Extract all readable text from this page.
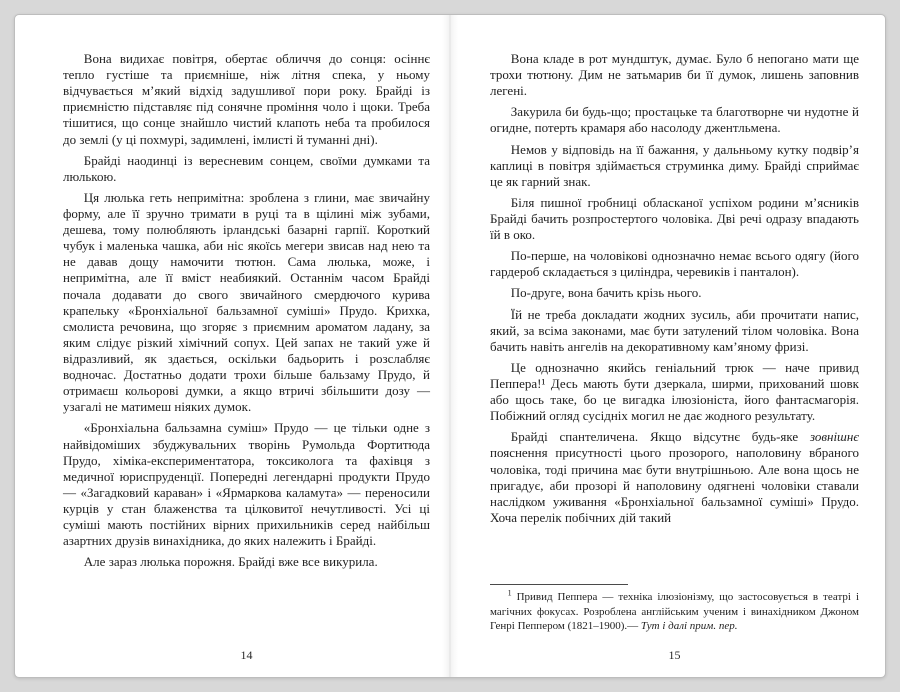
Вона видихає повітря, обертає обличчя до сонця: осіннє тепло густіше та приємніше, ніж літня спека, у ньому відчувається м’який відхід задушливої пори року. Брайді із приємністю підставляє під сонячне проміння чоло і щоки. Треба тішитися, що сонце знайшло чистий клапоть неба та пробилося до землі (у ці похмурі, задимлені, імлисті й туманні дні).

Брайді наодинці із вересневим сонцем, своїми думками та люлькою.

Ця люлька геть непримітна: зроблена з глини, має звичайну форму, але її зручно тримати в руці та в щілині між зубами, дешева, тому полюбляють ірландські базарні гарпії. Короткий чубук і маленька чашка, аби ніс якоїсь мегери звисав над нею та не давав дощу намочити тютюн. Сама люлька, може, і непримітна, але її вміст неабиякий. Останнім часом Брайді почала додавати до свого звичайного смердючого курива крапельку «Бронхіальної бальзамної суміші» Прудо. Крихка, смолиста речовина, що згоряє з приємним ароматом ладану, за яким слідує різкий хімічний сопух. Цей запах не такий уже й відразливий, як здається, оскільки бадьорить і розслабляє водночас. Достатньо додати трохи більше бальзаму Прудо, й отримаєш кольорові думки, а якщо втричі збільшити дозу — узагалі не матимеш ніяких думок.

«Бронхіальна бальзамна суміш» Прудо — це тільки одне з найвідоміших збуджувальних творінь Румольда Фортитюда Прудо, хіміка-експериментатора, токсиколога та фахівця з медичної юриспруденції. Попередні легендарні продукти Прудо — «Загадковий караван» і «Ярмаркова каламута» — переносили курців у стан блаженства та цілковитої нечутливості. Усі ці суміші мають постійних вірних прихильників серед найбільш азартних друзів винахідника, до яких належить і Брайді.

Але зараз люлька порожня. Брайді вже все викурила.

14

Вона кладе в рот мундштук, думає. Було б непогано мати ще трохи тютюну. Дим не затьмарив би її думок, лишень заповнив легені.

Закурила би будь-що; простацьке та благотворне чи нудотне й огидне, потерть крамаря або насолоду джентльмена.

Немов у відповідь на її бажання, у дальньому кутку подвір’я каплиці в повітря здіймається струминка диму. Брайді сприймає це як гарний знак.

Біля пишної гробниці обласканої успіхом родини м’ясників Брайді бачить розпростертого чоловіка. Дві речі одразу впадають їй в око.

По-перше, на чоловікові однозначно немає всього одягу (його гардероб складається з циліндра, черевиків і панталон).

По-друге, вона бачить крізь нього.

Їй не треба докладати жодних зусиль, аби прочитати напис, який, за всіма законами, має бути затулений тілом чоловіка. Вона бачить навіть ангелів на декоративному кам’яному фризі.

Це однозначно якийсь геніальний трюк — наче привид Пеппера!¹ Десь мають бути дзеркала, ширми, прихований шовк або щось таке, бо це вигадка ілюзіоніста, його фантасмагорія. Побіжний огляд сусідніх могил не дає жодного результату.

Брайді спантеличена. Якщо відсутнє будь-яке зовнішнє пояснення присутності цього прозорого, наполовину вбраного чоловіка, тоді причина має бути внутрішньою. Але вона щось не пригадує, аби прозорі й наполовину одягнені чоловіки ставали наслідком уживання «Бронхіальної бальзамної суміші» Прудо. Хоча перелік побічних дій такий

$^1$ Привид Пеппера — техніка ілюзіонізму, що застосовується в театрі і магічних фокусах. Розроблена англійським ученим і винахідником Джоном Генрі Пеппером (1821–1900).— Тут і далі прим. пер.

15
